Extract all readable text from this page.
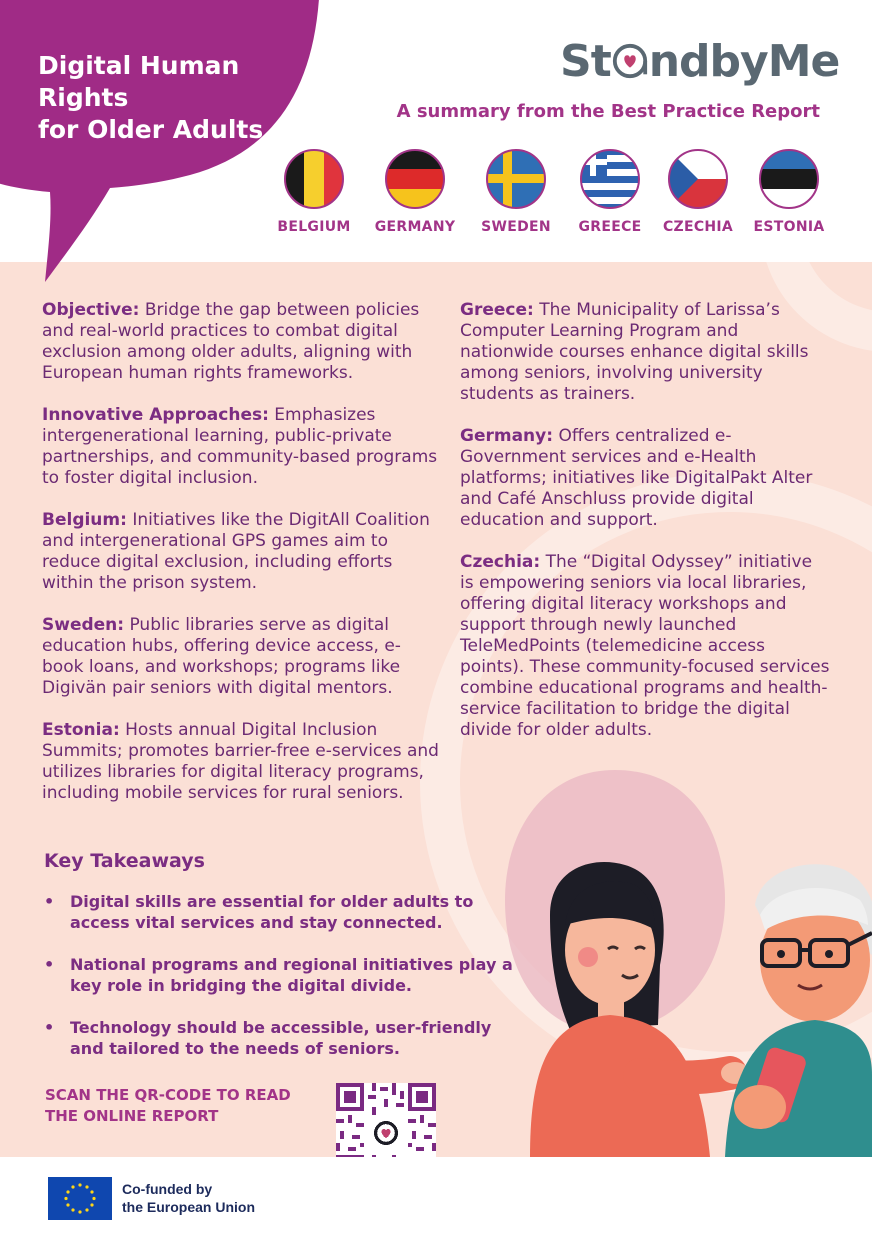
Digital Human
Rights
for Older Adults
St ndbyMe
A summary from the Best Practice Report
BELGIUM	GERMANY	SWEDEN	GREECE	CZECHIA	ESTONIA

Objective: Bridge the gap between policies and real-world practices to combat digital exclusion among older adults, aligning with European human rights frameworks.

Innovative Approaches: Emphasizes intergenerational learning, public-private partnerships, and community-based programs to foster digital inclusion.

Belgium: Initiatives like the DigitAll Coalition and intergenerational GPS games aim to reduce digital exclusion, including efforts within the prison system.

Sweden: Public libraries serve as digital education hubs, offering device access, e-book loans, and workshops; programs like Digivän pair seniors with digital mentors.

Estonia: Hosts annual Digital Inclusion Summits; promotes barrier-free e-services and utilizes libraries for digital literacy programs, including mobile services for rural seniors.

Greece: The Municipality of Larissa’s Computer Learning Program and nationwide courses enhance digital skills among seniors, involving university students as trainers.

Germany: Offers centralized e-Government services and e-Health platforms; initiatives like DigitalPakt Alter and Café Anschluss provide digital education and support.

Czechia: The “Digital Odyssey” initiative is empowering seniors via local libraries, offering digital literacy workshops and support through newly launched TeleMedPoints (telemedicine access points). These community-focused services combine educational programs and health-service facilitation to bridge the digital divide for older adults.

Key Takeaways
• Digital skills are essential for older adults to access vital services and stay connected.
• National programs and regional initiatives play a key role in bridging the digital divide.
• Technology should be accessible, user-friendly and tailored to the needs of seniors.
SCAN THE QR-CODE TO READ
THE ONLINE REPORT
Co-funded by
the European Union
